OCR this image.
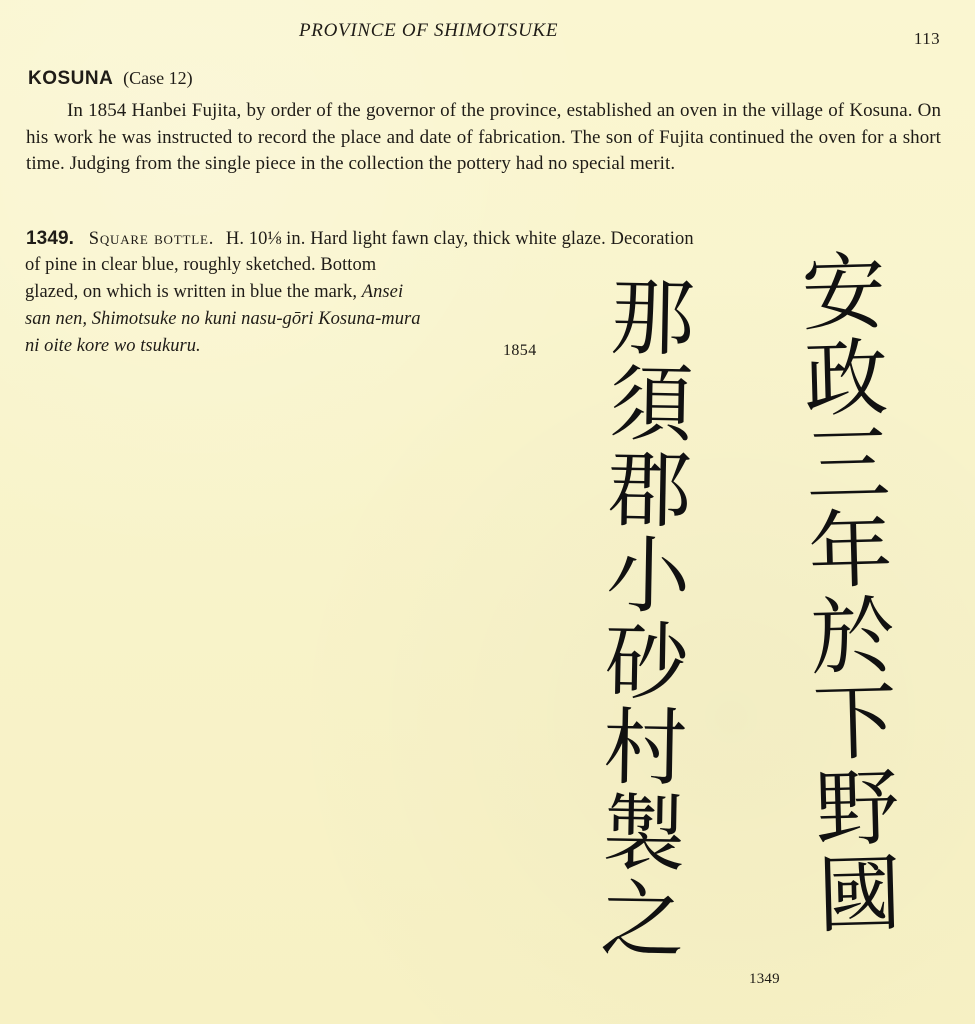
PROVINCE OF SHIMOTSUKE	113
KOSUNA (Case 12)
In 1854 Hanbei Fujita, by order of the governor of the province, established an oven in the village of Kosuna. On his work he was instructed to record the place and date of fabrication. The son of Fujita continued the oven for a short time. Judging from the single piece in the collection the pottery had no special merit.
1349. Square bottle. H. 10⅛ in. Hard light fawn clay, thick white glaze. Decoration
of pine in clear blue, roughly sketched. Bottom
glazed, on which is written in blue the mark, Ansei
san nen, Shimotsuke no kuni nasu-gōri Kosuna-mura
ni oite kore wo tsukuru.	1854	安政三年於下野國
那須郡小砂村製之
1349
